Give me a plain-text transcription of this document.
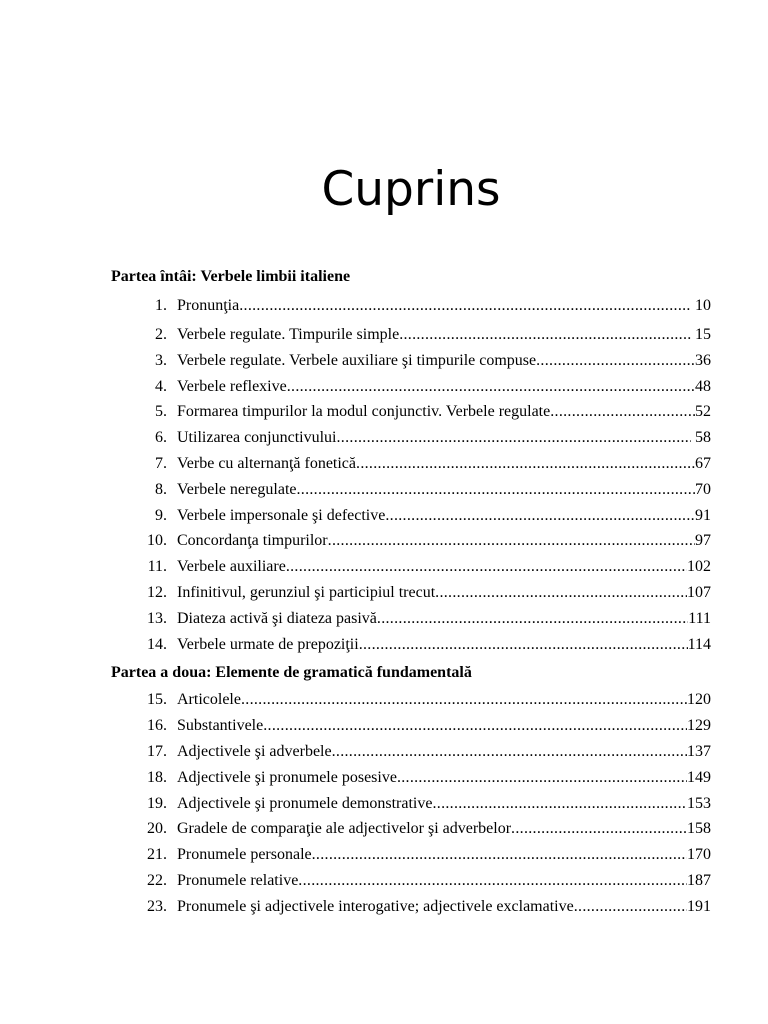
Cuprins
Partea întâi: Verbele limbii italiene
1. Pronunţia .....	10
2. Verbele regulate. Timpurile simple .....	15
3. Verbele regulate. Verbele auxiliare şi timpurile compuse .....	36
4. Verbele reflexive .....	48
5. Formarea timpurilor la modul conjunctiv. Verbele regulate .....	52
6. Utilizarea conjunctivului .....	58
7. Verbe cu alternanţă fonetică .....	67
8. Verbele neregulate .....	70
9. Verbele impersonale şi defective .....	91
10. Concordanţa timpurilor .....	97
11. Verbele auxiliare .....	102
12. Infinitivul, gerunziul şi participiul trecut .....	107
13. Diateza activă şi diateza pasivă .....	111
14. Verbele urmate de prepoziţii .....	114
Partea a doua: Elemente de gramatică fundamentală
15. Articolele .....	120
16. Substantivele .....	129
17. Adjectivele şi adverbele .....	137
18. Adjectivele şi pronumele posesive .....	149
19. Adjectivele şi pronumele demonstrative .....	153
20. Gradele de comparaţie ale adjectivelor şi adverbelor .....	158
21. Pronumele personale .....	170
22. Pronumele relative .....	187
23. Pronumele şi adjectivele interogative; adjectivele exclamative .....	191
